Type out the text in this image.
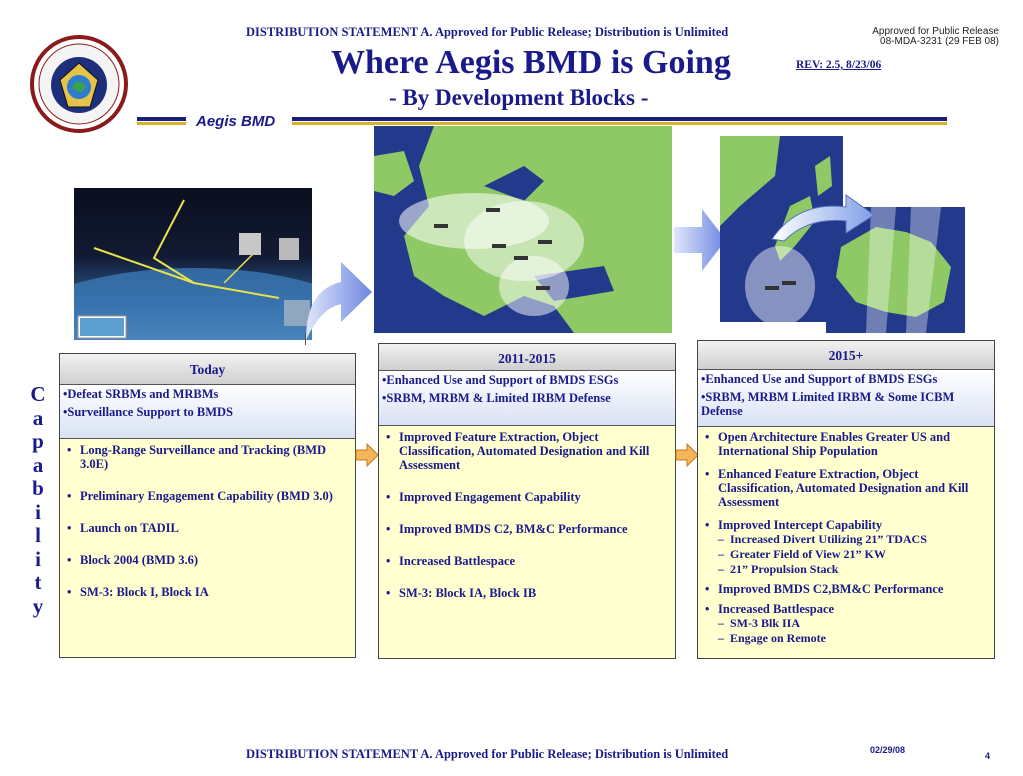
DISTRIBUTION STATEMENT A. Approved for Public Release; Distribution is Unlimited	Approved for Public Release
08-MDA-3231 (29 FEB 08)
Where Aegis BMD is Going	REV: 2.5, 8/23/06
- By Development Blocks -
Aegis BMD
C
a
p
a
b
i
l
i
t
y
Today
•Defeat SRBMs and MRBMs
•Surveillance Support to BMDS
• Long-Range Surveillance and Tracking (BMD 3.0E)
• Preliminary Engagement Capability (BMD 3.0)
• Launch on TADIL
• Block 2004 (BMD 3.6)
• SM-3: Block I, Block IA
2011-2015
•Enhanced Use and Support of BMDS ESGs
•SRBM, MRBM & Limited IRBM Defense
• Improved Feature Extraction, Object Classification, Automated Designation and Kill Assessment
• Improved Engagement Capability
• Improved BMDS C2, BM&C Performance
• Increased Battlespace
• SM-3: Block IA, Block IB
2015+
•Enhanced Use and Support of BMDS ESGs
•SRBM, MRBM Limited IRBM & Some ICBM Defense
• Open Architecture Enables Greater US and International Ship Population
• Enhanced Feature Extraction, Object Classification, Automated Designation and Kill Assessment
• Improved Intercept Capability
– Increased Divert Utilizing 21” TDACS
– Greater Field of View 21” KW
– 21” Propulsion Stack
• Improved BMDS C2,BM&C Performance
• Increased Battlespace
– SM-3 Blk IIA
– Engage on Remote
DISTRIBUTION STATEMENT A. Approved for Public Release; Distribution is Unlimited	02/29/08
4
